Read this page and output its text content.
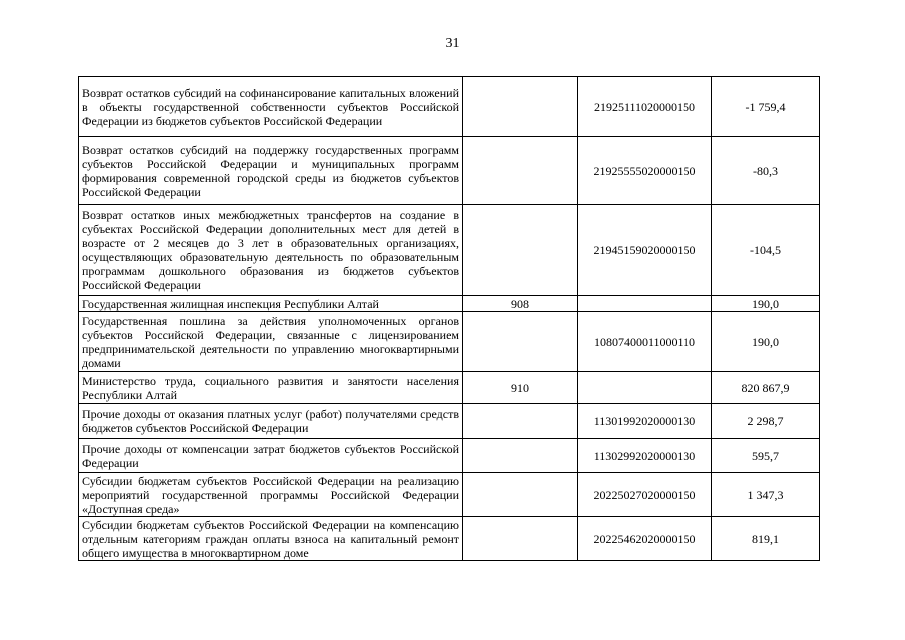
31
Возврат остатков субсидий на софинансирование капитальных вложений в объекты государственной собственности субъектов Российской Федерации из бюджетов субъектов Российской Федерации		21925111020000150	-1 759,4
Возврат остатков субсидий на поддержку государственных программ субъектов Российской Федерации и муниципальных программ формирования современной городской среды из бюджетов субъектов Российской Федерации		21925555020000150	-80,3
Возврат остатков иных межбюджетных трансфертов на создание в субъектах Российской Федерации дополнительных мест для детей в возрасте от 2 месяцев до 3 лет в образовательных организациях, осуществляющих образовательную деятельность по образовательным программам дошкольного образования из бюджетов субъектов Российской Федерации		21945159020000150	-104,5
Государственная жилищная инспекция Республики Алтай	908		190,0
Государственная пошлина за действия уполномоченных органов субъектов Российской Федерации, связанные с лицензированием предпринимательской деятельности по управлению многоквартирными домами		10807400011000110	190,0
Министерство труда, социального развития и занятости населения Республики Алтай	910		820 867,9
Прочие доходы от оказания платных услуг (работ) получателями средств бюджетов субъектов Российской Федерации		11301992020000130	2 298,7
Прочие доходы от компенсации затрат бюджетов субъектов Российской Федерации		11302992020000130	595,7
Субсидии бюджетам субъектов Российской Федерации на реализацию мероприятий государственной программы Российской Федерации «Доступная среда»		20225027020000150	1 347,3
Субсидии бюджетам субъектов Российской Федерации на компенсацию отдельным категориям граждан оплаты взноса на капитальный ремонт общего имущества в многоквартирном доме		20225462020000150	819,1
